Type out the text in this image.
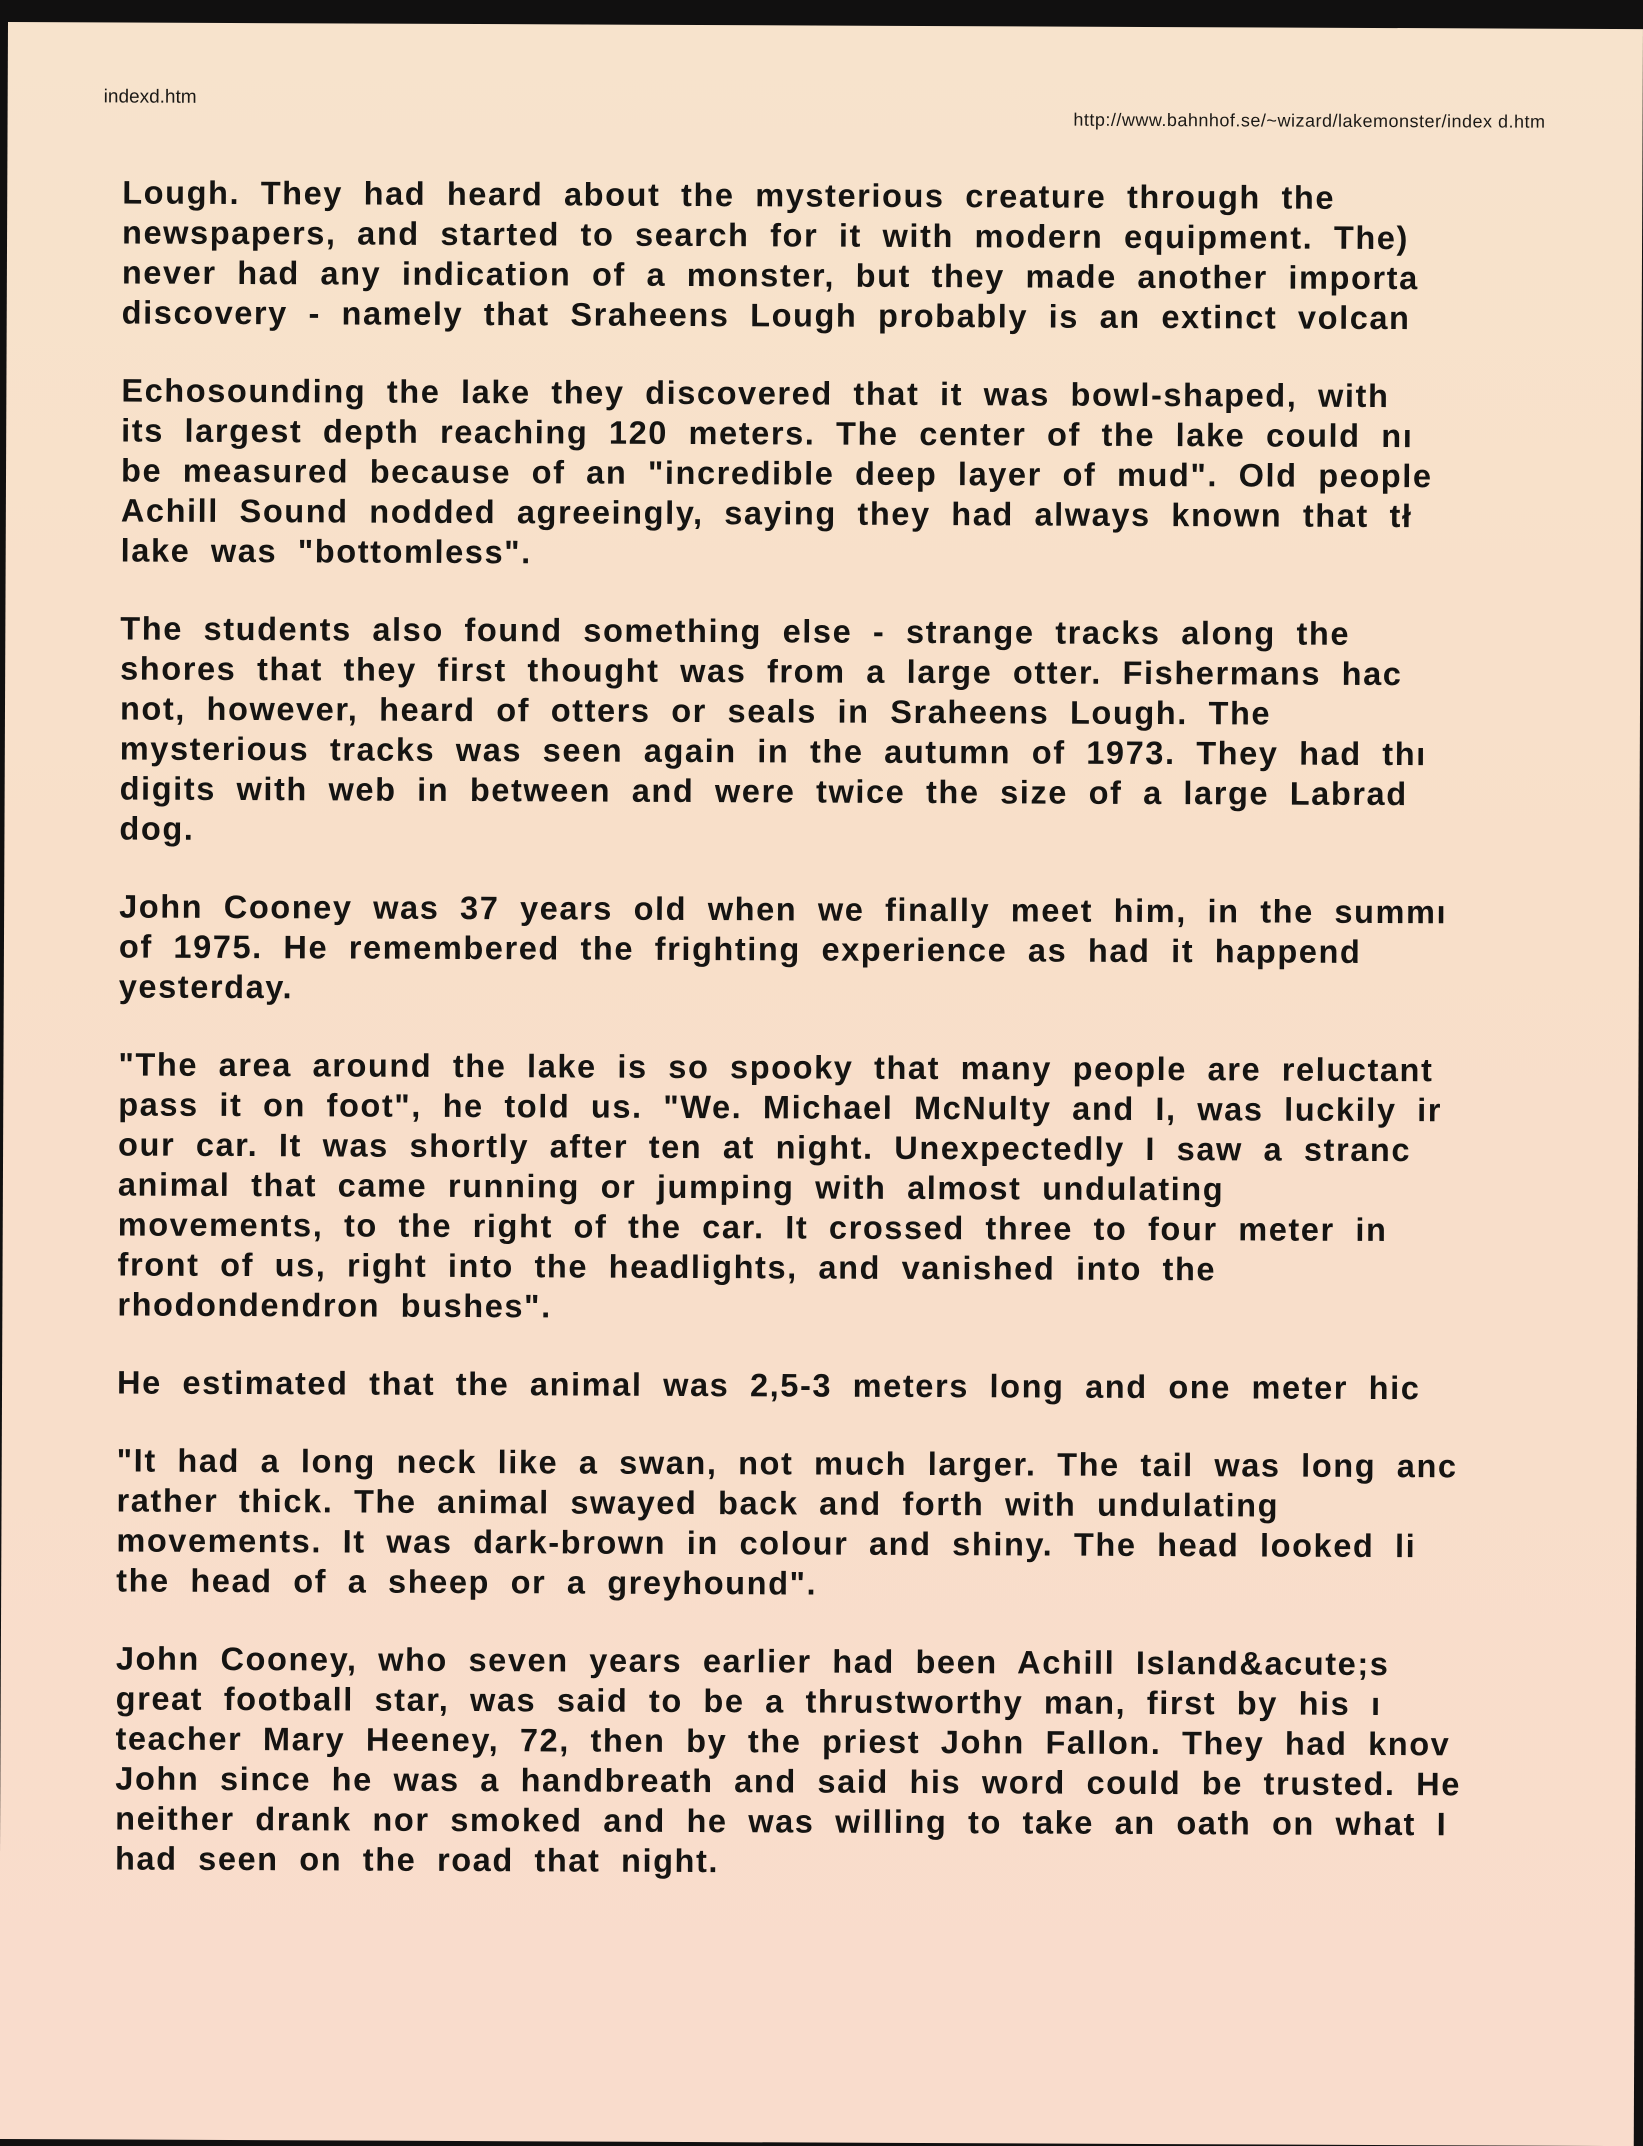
indexd.htm
http://www.bahnhof.se/~wizard/lakemonster/index d.htm
Lough. They had heard about the mysterious creature through the
newspapers, and started to search for it with modern equipment. The)
never had any indication of a monster, but they made another importa
discovery - namely that Sraheens Lough probably is an extinct volcan
Echosounding the lake they discovered that it was bowl-shaped, with
its largest depth reaching 120 meters. The center of the lake could nı
be measured because of an "incredible deep layer of mud". Old people
Achill Sound nodded agreeingly, saying they had always known that tł
lake was "bottomless".
The students also found something else - strange tracks along the
shores that they first thought was from a large otter. Fishermans haс
not, however, heard of otters or seals in Sraheens Lough. The
mysterious tracks was seen again in the autumn of 1973. They had thı
digits with web in between and were twice the size of a large Labrad
dog.
John Cooney was 37 years old when we finally meet him, in the summı
of 1975. He remembered the frighting experience as had it happend
yesterday.
"The area around the lake is so spooky that many people are reluctant
pass it on foot", he told us. "We. Michael McNulty and I, was luckily ir
our car. It was shortly after ten at night. Unexpectedly I saw a stranc
animal that came running or jumping with almost undulating
movements, to the right of the car. It crossed three to four meter in
front of us, right into the headlights, and vanished into the
rhodondendron bushes".
He estimated that the animal was 2,5-3 meters long and one meter hic
"It had a long neck like a swan, not much larger. The tail was long anc
rather thick. The animal swayed back and forth with undulating
movements. It was dark-brown in colour and shiny. The head looked li
the head of a sheep or a greyhound".
John Cooney, who seven years earlier had been Achill Island&acute;s
great football star, was said to be a thrustworthy man, first by his ı
teacher Mary Heeney, 72, then by the priest John Fallon. They had knov
John since he was a handbreath and said his word could be trusted. He
neither drank nor smoked and he was willing to take an oath on what I
had seen on the road that night.
